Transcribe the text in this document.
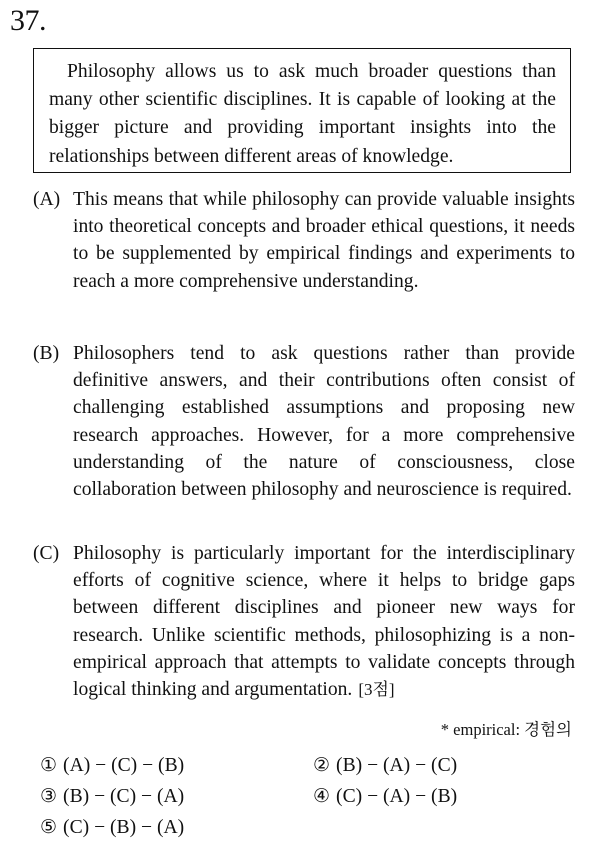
37.
Philosophy allows us to ask much broader questions than many other scientific disciplines. It is capable of looking at the bigger picture and providing important insights into the relationships between different areas of knowledge.
(A) This means that while philosophy can provide valuable insights into theoretical concepts and broader ethical questions, it needs to be supplemented by empirical findings and experiments to reach a more comprehensive understanding.
(B) Philosophers tend to ask questions rather than provide definitive answers, and their contributions often consist of challenging established assumptions and proposing new research approaches. However, for a more comprehensive understanding of the nature of consciousness, close collaboration between philosophy and neuroscience is required.
(C) Philosophy is particularly important for the interdisciplinary efforts of cognitive science, where it helps to bridge gaps between different disciplines and pioneer new ways for research. Unlike scientific methods, philosophizing is a non-empirical approach that attempts to validate concepts through logical thinking and argumentation. [3점]
* empirical: 경험의
① (A) − (C) − (B)	② (B) − (A) − (C)
③ (B) − (C) − (A)	④ (C) − (A) − (B)
⑤ (C) − (B) − (A)
